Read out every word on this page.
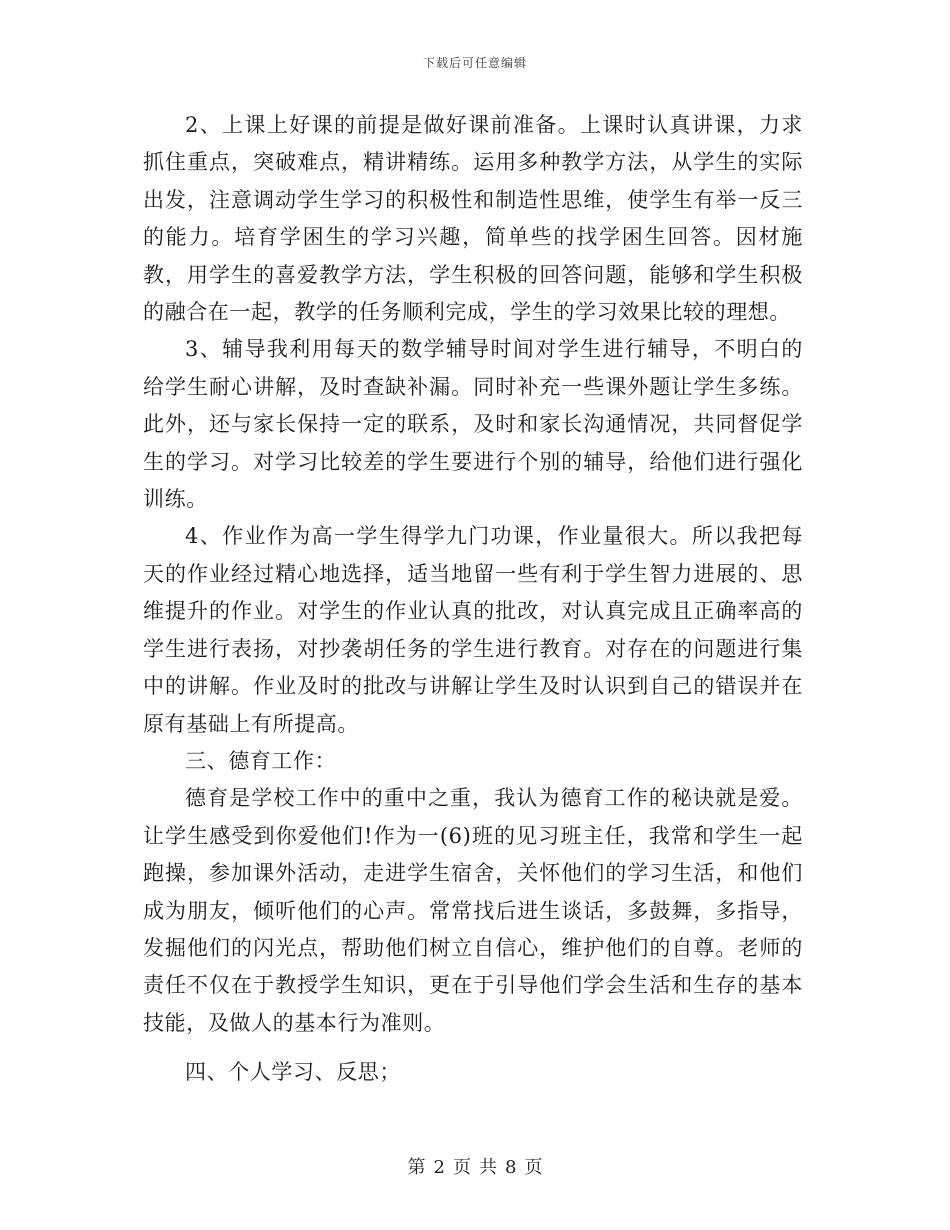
下载后可任意编辑

2、上课上好课的前提是做好课前准备。上课时认真讲课，力求抓住重点，突破难点，精讲精练。运用多种教学方法，从学生的实际出发，注意调动学生学习的积极性和制造性思维，使学生有举一反三的能力。培育学困生的学习兴趣，简单些的找学困生回答。因材施教，用学生的喜爱教学方法，学生积极的回答问题，能够和学生积极的融合在一起，教学的任务顺利完成，学生的学习效果比较的理想。

3、辅导我利用每天的数学辅导时间对学生进行辅导，不明白的给学生耐心讲解，及时查缺补漏。同时补充一些课外题让学生多练。此外，还与家长保持一定的联系，及时和家长沟通情况，共同督促学生的学习。对学习比较差的学生要进行个别的辅导，给他们进行强化训练。

4、作业作为高一学生得学九门功课，作业量很大。所以我把每天的作业经过精心地选择，适当地留一些有利于学生智力进展的、思维提升的作业。对学生的作业认真的批改，对认真完成且正确率高的学生进行表扬，对抄袭胡任务的学生进行教育。对存在的问题进行集中的讲解。作业及时的批改与讲解让学生及时认识到自己的错误并在原有基础上有所提高。

三、德育工作：

德育是学校工作中的重中之重，我认为德育工作的秘诀就是爱。让学生感受到你爱他们!作为一(6)班的见习班主任，我常和学生一起跑操，参加课外活动，走进学生宿舍，关怀他们的学习生活，和他们成为朋友，倾听他们的心声。常常找后进生谈话，多鼓舞，多指导，发掘他们的闪光点，帮助他们树立自信心，维护他们的自尊。老师的责任不仅在于教授学生知识，更在于引导他们学会生活和生存的基本技能，及做人的基本行为准则。

四、个人学习、反思；

第 2 页 共 8 页
